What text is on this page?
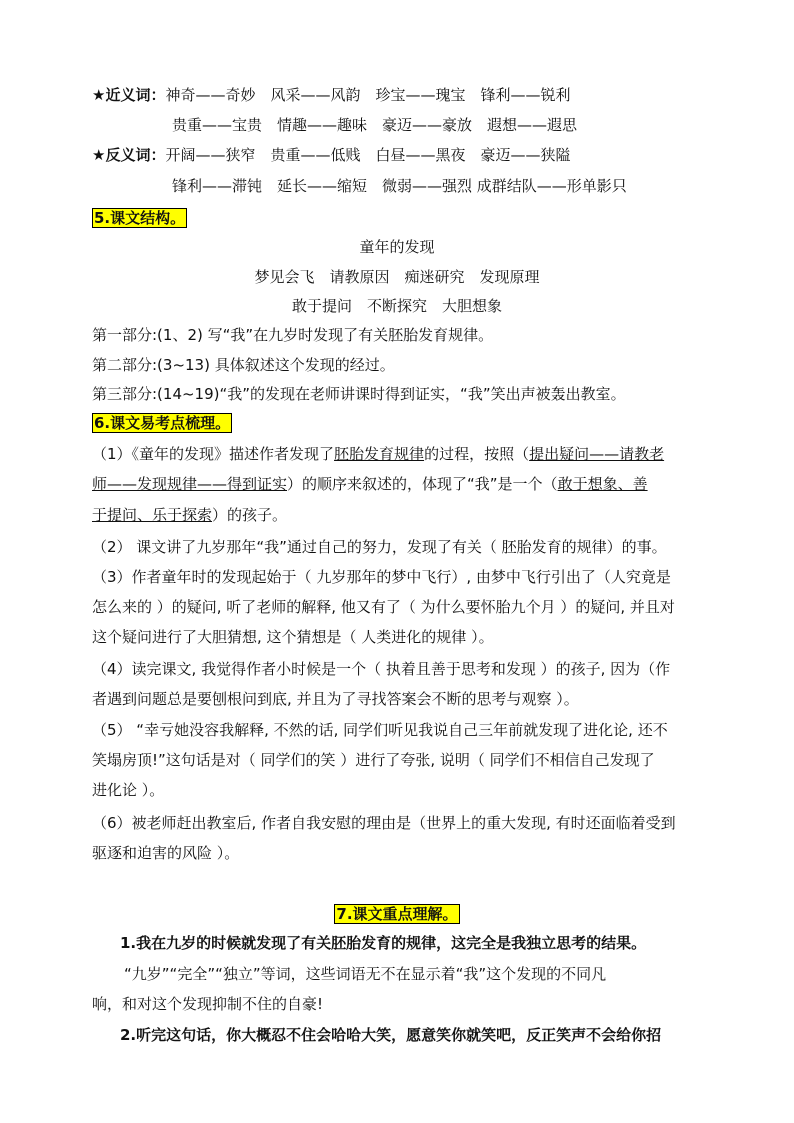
★近义词：神奇——奇妙　风采——风韵　珍宝——瑰宝　锋利——锐利
贵重——宝贵　情趣——趣味　豪迈——豪放　遐想——遐思
★反义词：开阔——狭窄　贵重——低贱　白昼——黑夜　豪迈——狭隘
锋利——滞钝　延长——缩短　微弱——强烈 成群结队——形单影只
5.课文结构。
童年的发现
梦见会飞　请教原因　痴迷研究　发现原理
敢于提问　不断探究　大胆想象
第一部分:(1、2) 写“我”在九岁时发现了有关胚胎发育规律。
第二部分:(3~13) 具体叙述这个发现的经过。
第三部分:(14~19)“我”的发现在老师讲课时得到证实，“我”笑出声被轰出教室。
6.课文易考点梳理。
（1）《童年的发现》描述作者发现了胚胎发育规律的过程，按照（提出疑问——请教老
师——发现规律——得到证实）的顺序来叙述的，体现了“我”是一个（敢于想象、善
于提问、乐于探索）的孩子。
（2） 课文讲了九岁那年“我”通过自己的努力，发现了有关（ 胚胎发育的规律）的事。
（3）作者童年时的发现起始于（ 九岁那年的梦中飞行）, 由梦中飞行引出了（人究竟是
怎么来的 ）的疑问, 听了老师的解释, 他又有了（ 为什么要怀胎九个月 ）的疑问, 并且对
这个疑问进行了大胆猜想, 这个猜想是（ 人类进化的规律 ）。
（4）读完课文, 我觉得作者小时候是一个（ 执着且善于思考和发现 ）的孩子, 因为（作
者遇到问题总是要刨根问到底, 并且为了寻找答案会不断的思考与观察 ）。
（5） “幸亏她没容我解释, 不然的话, 同学们听见我说自己三年前就发现了进化论, 还不
笑塌房顶!”这句话是对（ 同学们的笑 ）进行了夸张, 说明（ 同学们不相信自己发现了
进化论 ）。
（6）被老师赶出教室后, 作者自我安慰的理由是（世界上的重大发现, 有时还面临着受到
驱逐和迫害的风险 ）。
7.课文重点理解。
1.我在九岁的时候就发现了有关胚胎发育的规律，这完全是我独立思考的结果。
“九岁”“完全”“独立”等词，这些词语无不在显示着“我”这个发现的不同凡
响，和对这个发现抑制不住的自豪!
2.听完这句话，你大概忍不住会哈哈大笑，愿意笑你就笑吧，反正笑声不会给你招
